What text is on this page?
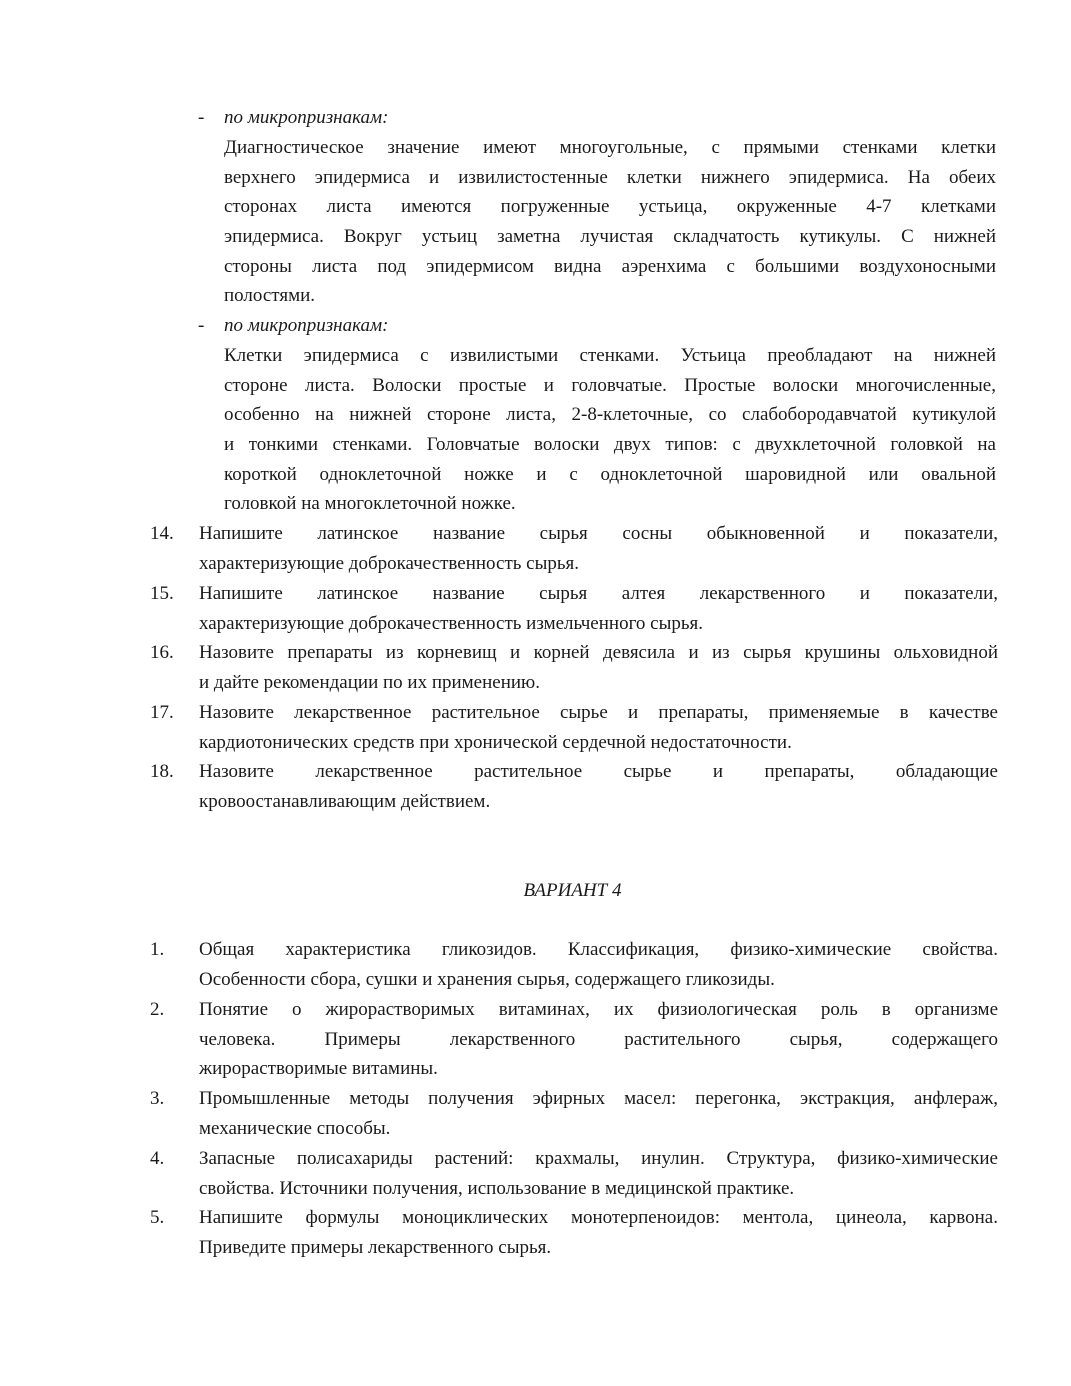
-	по микропризнакам:
Диагностическое значение имеют многоугольные, с прямыми стенками клетки
верхнего эпидермиса и извилистостенные клетки нижнего эпидермиса. На обеих
сторонах листа имеются погруженные устьица, окруженные 4-7 клетками
эпидермиса. Вокруг устьиц заметна лучистая складчатость кутикулы. С нижней
стороны листа под эпидермисом видна аэренхима с большими воздухоносными
полостями.
-	по микропризнакам:
Клетки эпидермиса с извилистыми стенками. Устьица преобладают на нижней
стороне листа. Волоски простые и головчатые. Простые волоски многочисленные,
особенно на нижней стороне листа, 2-8-клеточные, со слабобородавчатой кутикулой
и тонкими стенками. Головчатые волоски двух типов: с двухклеточной головкой на
короткой одноклеточной ножке и с одноклеточной шаровидной или овальной
головкой на многоклеточной ножке.
14.	Напишите латинское название сырья сосны обыкновенной и показатели,
характеризующие доброкачественность сырья.
15.	Напишите латинское название сырья алтея лекарственного и показатели,
характеризующие доброкачественность измельченного сырья.
16.	Назовите препараты из корневищ и корней девясила и из сырья крушины ольховидной
и дайте рекомендации по их применению.
17.	Назовите лекарственное растительное сырье и препараты, применяемые в качестве
кардиотонических средств при хронической сердечной недостаточности.
18.	Назовите лекарственное растительное сырье и препараты, обладающие
кровоостанавливающим действием.
ВАРИАНТ 4
1.	Общая характеристика гликозидов. Классификация, физико-химические свойства.
Особенности сбора, сушки и хранения сырья, содержащего гликозиды.
2.	Понятие о жирорастворимых витаминах, их физиологическая роль в организме
человека. Примеры лекарственного растительного сырья, содержащего
жирорастворимые витамины.
3.	Промышленные методы получения эфирных масел: перегонка, экстракция, анфлераж,
механические способы.
4.	Запасные полисахариды растений: крахмалы, инулин. Структура, физико-химические
свойства. Источники получения, использование в медицинской практике.
5.	Напишите формулы моноциклических монотерпеноидов: ментола, цинеола, карвона.
Приведите примеры лекарственного сырья.
